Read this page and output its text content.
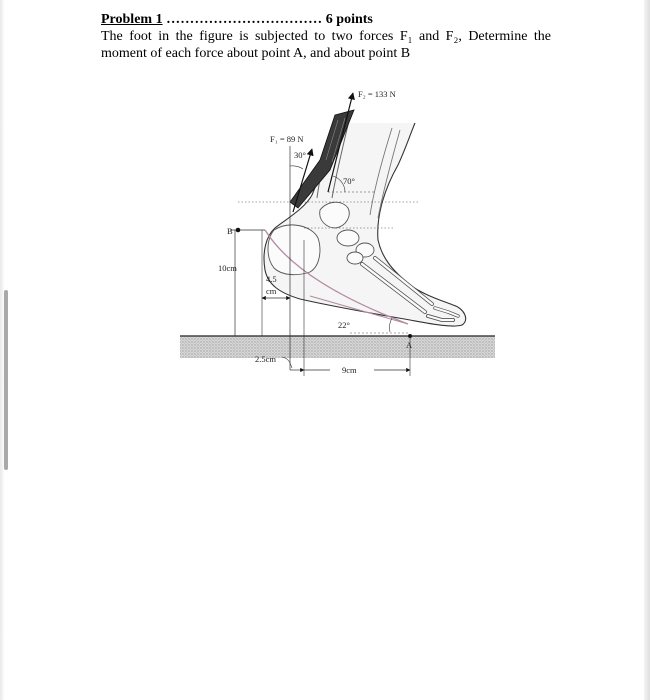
Problem 1 …………………………… 6 points
The foot in the figure is subjected to two forces F₁ and F₂, Determine the moment of each force about point A, and about point B
F₂ = 133 N
F₁ = 89 N
30°
70°
22°
B
A
10cm
4.5
cm
2.5cm
9cm
